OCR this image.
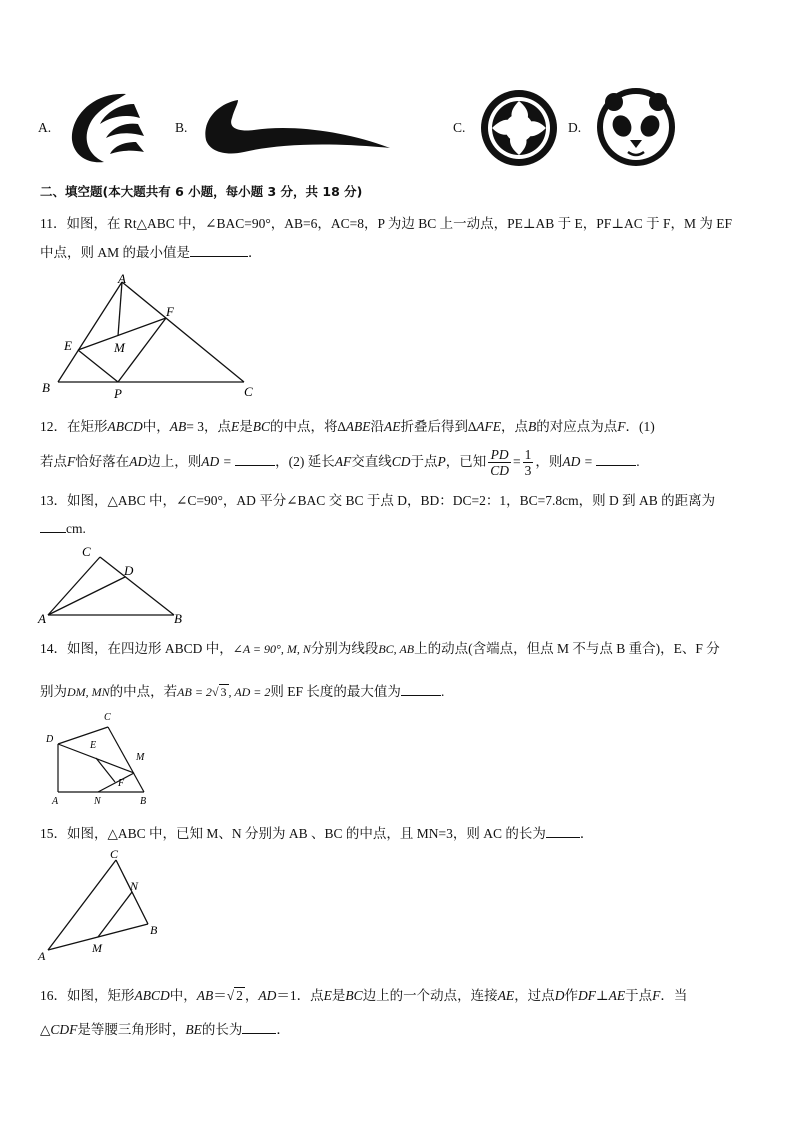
A.	B.	C.	D.
二、填空题(本大题共有 6 小题，每小题 3 分，共 18 分)
11．如图，在 Rt△ABC 中，∠BAC=90°，AB=6，AC=8，P 为边 BC 上一动点，PE⊥AB 于 E，PF⊥AC 于 F，M 为 EF
中点，则 AM 的最小值是	．
A
B	C
E
F
M
P
12．在矩形ABCD中，AB= 3，点E是BC的中点，将∆ABE沿AE折叠后得到∆AFE，点B的对应点为点F．(1)
若点F恰好落在AD边上，则AD =	，(2) 延长AF交直线CD于点P，已知 $\frac{PD}{CD} = \frac{1}{3}$ ，则AD =	.
13．如图，△ABC 中，∠C=90°，AD 平分∠BAC 交 BC 于点 D，BD：DC=2：1，BC=7.8cm，则 D 到 AB 的距离为
cm.
C
D
A	B
14．如图，在四边形 ABCD 中，∠A = 90°, M, N分别为线段BC, AB上的动点(含端点，但点 M 不与点 B 重合)，E、F 分
别为DM, MN的中点，若AB = 2√ 3 , AD = 2则 EF 长度的最大值为	.
C
D
E
M
F
A	N	B
15．如图，△ABC 中，已知 M、N 分别为 AB 、BC 的中点，且 MN=3，则 AC 的长为	．
C
N
B
M
A
16．如图，矩形ABCD中，AB＝√ 2 ，AD＝1．点E是BC边上的一个动点，连接AE，过点D作DF⊥AE于点F．当
△CDF是等腰三角形时，BE的长为	．
